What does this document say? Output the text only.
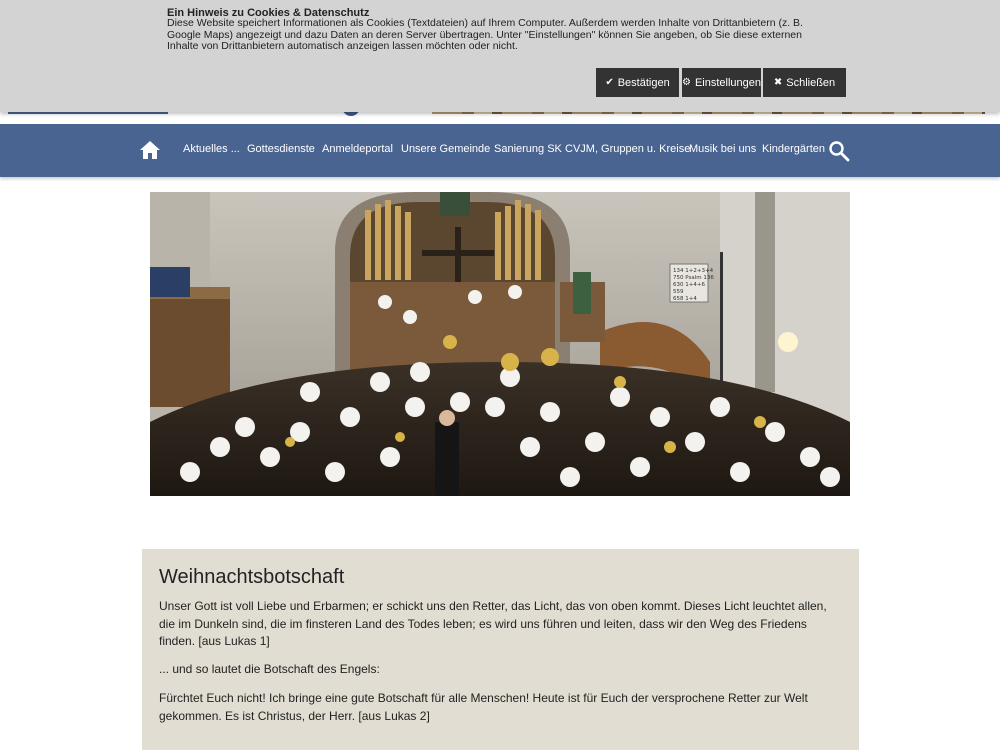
Ein Hinweis zu Cookies & Datenschutz
Diese Website speichert Informationen als Cookies (Textdateien) auf Ihrem Computer. Außerdem werden Inhalte von Drittanbietern (z. B. Google Maps) angezeigt und dazu Daten an deren Server übertragen. Unter "Einstellungen" können Sie angeben, ob Sie diese externen Inhalte von Drittanbietern automatisch anzeigen lassen möchten oder nicht.
✔ Bestätigen ⚙ Einstellungen ✖ Schließen
Aktuelles ... Gottesdienste Anmeldeportal Unsere Gemeinde Sanierung SK CVJM, Gruppen u. Kreise
Musik bei uns Kindergärten
134 1+2+3+4
750 Psalm 136
630 1+4+6
559
658 1+4
Weihnachtsbotschaft

Unser Gott ist voll Liebe und Erbarmen; er schickt uns den Retter, das Licht, das von oben kommt. Dieses Licht leuchtet allen, die im Dunkeln sind, die im finsteren Land des Todes leben; es wird uns führen und leiten, dass wir den Weg des Friedens finden. [aus Lukas 1]

... und so lautet die Botschaft des Engels:

Fürchtet Euch nicht! Ich bringe eine gute Botschaft für alle Menschen! Heute ist für Euch der versprochene Retter zur Welt gekommen. Es ist Christus, der Herr. [aus Lukas 2]
